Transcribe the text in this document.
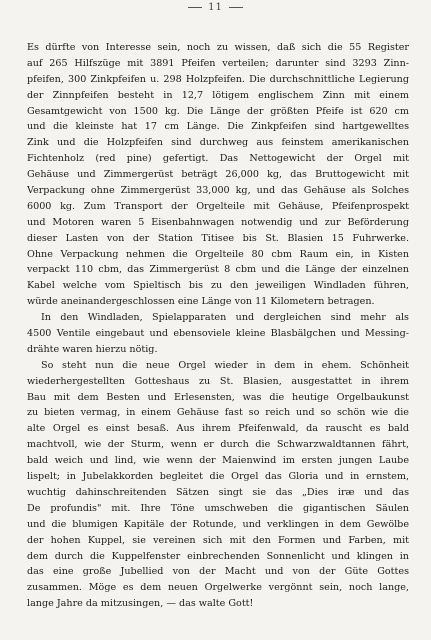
11
Es dürfte von Interesse sein, noch zu wissen, daß sich die 55 Register
auf 265 Hilfszüge mit 3891 Pfeifen verteilen; darunter sind 3293 Zinn-
pfeifen, 300 Zinkpfeifen u. 298 Holzpfeifen. Die durchschnittliche Legierung
der Zinnpfeifen besteht in 12,7 lötigem englischem Zinn mit einem
Gesamtgewicht von 1500 kg. Die Länge der größten Pfeife ist 620 cm
und die kleinste hat 17 cm Länge. Die Zinkpfeifen sind hartgewelltes
Zink und die Holzpfeifen sind durchweg aus feinstem amerikanischen
Fichtenholz (red pine) gefertigt. Das Nettogewicht der Orgel mit
Gehäuse und Zimmergerüst beträgt 26,000 kg, das Bruttogewicht mit
Verpackung ohne Zimmergerüst 33,000 kg, und das Gehäuse als Solches
6000 kg. Zum Transport der Orgelteile mit Gehäuse, Pfeifenprospekt
und Motoren waren 5 Eisenbahnwagen notwendig und zur Beförderung
dieser Lasten von der Station Titisee bis St. Blasien 15 Fuhrwerke.
Ohne Verpackung nehmen die Orgelteile 80 cbm Raum ein, in Kisten
verpackt 110 cbm, das Zimmergerüst 8 cbm und die Länge der einzelnen
Kabel welche vom Spieltisch bis zu den jeweiligen Windladen führen,
würde aneinandergeschlossen eine Länge von 11 Kilometern betragen.
In den Windladen, Spielapparaten und dergleichen sind mehr als
4500 Ventile eingebaut und ebensoviele kleine Blasbälgchen und Messing-
drähte waren hierzu nötig.
So steht nun die neue Orgel wieder in dem in ehem. Schönheit
wiederhergestellten Gotteshaus zu St. Blasien, ausgestattet in ihrem
Bau mit dem Besten und Erlesensten, was die heutige Orgelbaukunst
zu bieten vermag, in einem Gehäuse fast so reich und so schön wie die
alte Orgel es einst besaß. Aus ihrem Pfeifenwald, da rauscht es bald
machtvoll, wie der Sturm, wenn er durch die Schwarzwaldtannen fährt,
bald weich und lind, wie wenn der Maienwind im ersten jungen Laube
lispelt; in Jubelakkorden begleitet die Orgel das Gloria und in ernstem,
wuchtig dahinschreitenden Sätzen singt sie das „Dies iræ und das
De profundis" mit. Ihre Töne umschweben die gigantischen Säulen
und die blumigen Kapitäle der Rotunde, und verklingen in dem Gewölbe
der hohen Kuppel, sie vereinen sich mit den Formen und Farben, mit
dem durch die Kuppelfenster einbrechenden Sonnenlicht und klingen in
das eine große Jubellied von der Macht und von der Güte Gottes
zusammen. Möge es dem neuen Orgelwerke vergönnt sein, noch lange,
lange Jahre da mitzusingen, — das walte Gott!
